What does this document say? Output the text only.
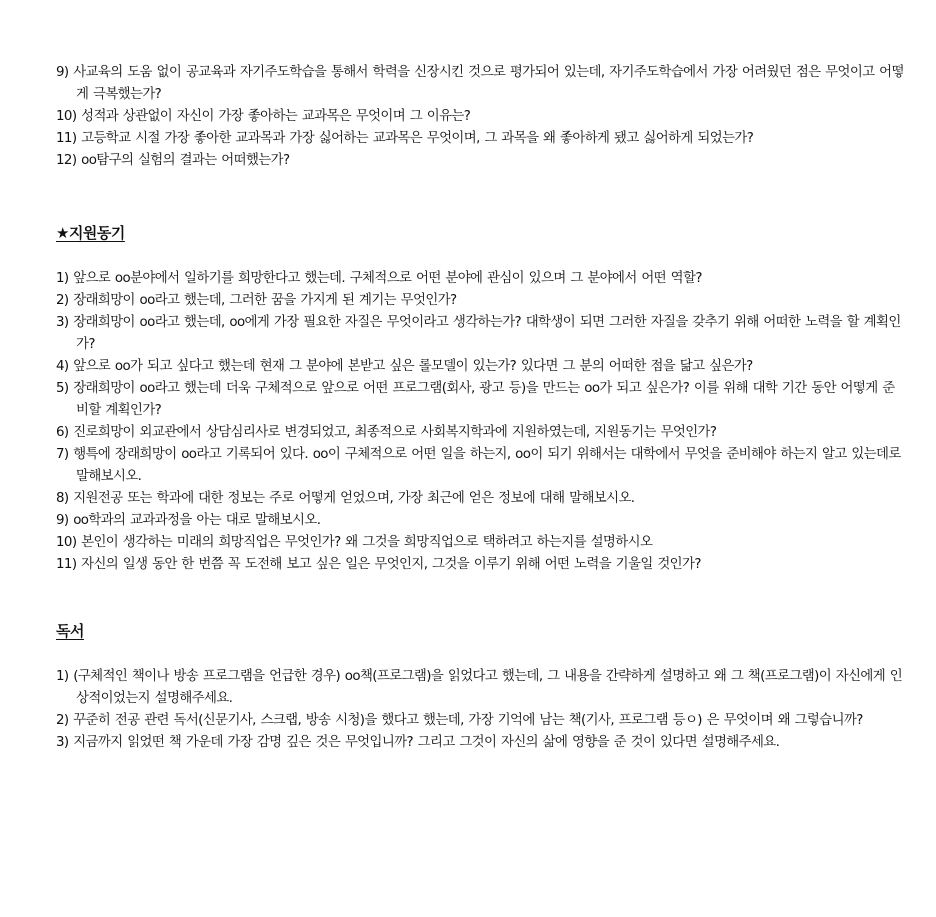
9) 사교육의 도움 없이 공교육과 자기주도학습을 통해서 학력을 신장시킨 것으로 평가되어 있는데, 자기주도학습에서 가장 어려웠던 점은 무엇이고 어떻게 극복했는가?
10) 성적과 상관없이 자신이 가장 좋아하는 교과목은 무엇이며 그 이유는?
11) 고등학교 시절 가장 좋아한 교과목과 가장 싫어하는 교과목은 무엇이며, 그 과목을 왜 좋아하게 됐고 싫어하게 되었는가?
12) oo탐구의 실험의 결과는 어떠했는가?
★지원동기
1) 앞으로 oo분야에서 일하기를 희망한다고 했는데. 구체적으로 어떤 분야에 관심이 있으며 그 분야에서 어떤 역할?
2) 장래희망이 oo라고 했는데, 그러한 꿈을 가지게 된 계기는 무엇인가?
3) 장래희망이 oo라고 했는데, oo에게 가장 필요한 자질은 무엇이라고 생각하는가? 대학생이 되면 그러한 자질을 갖추기 위해 어떠한 노력을 할 계획인가?
4) 앞으로 oo가 되고 싶다고 했는데 현재 그 분야에 본받고 싶은 롤모델이 있는가? 있다면 그 분의 어떠한 점을 닮고 싶은가?
5) 장래희망이 oo라고 했는데 더욱 구체적으로 앞으로 어떤 프로그램(회사, 광고 등)을 만드는 oo가 되고 싶은가? 이를 위해 대학 기간 동안 어떻게 준비할 계획인가?
6) 진로희망이 외교관에서 상담심리사로 변경되었고, 최종적으로 사회복지학과에 지원하였는데, 지원동기는 무엇인가?
7) 행특에 장래희망이 oo라고 기록되어 있다. oo이 구체적으로 어떤 일을 하는지, oo이 되기 위해서는 대학에서 무엇을 준비해야 하는지 알고 있는데로 말해보시오.
8) 지원전공 또는 학과에 대한 정보는 주로 어떻게 얻었으며, 가장 최근에 얻은 정보에 대해 말해보시오.
9) oo학과의 교과과정을 아는 대로 말해보시오.
10) 본인이 생각하는 미래의 희망직업은 무엇인가? 왜 그것을 희망직업으로 택하려고 하는지를 설명하시오
11) 자신의 일생 동안 한 번쯤 꼭 도전해 보고 싶은 일은 무엇인지, 그것을 이루기 위해 어떤 노력을 기울일 것인가?
독서
1) (구체적인 책이나 방송 프로그램을 언급한 경우) oo책(프로그램)을 읽었다고 했는데, 그 내용을 간략하게 설명하고 왜 그 책(프로그램)이 자신에게 인상적이었는지 설명해주세요.
2) 꾸준히 전공 관련 독서(신문기사, 스크랩, 방송 시청)을 했다고 했는데, 가장 기억에 남는 책(기사, 프로그램 등ㅇ) 은 무엇이며 왜 그렇습니까?
3) 지금까지 읽었떤 책 가운데 가장 감명 깊은 것은 무엇입니까? 그리고 그것이 자신의 삶에 영향을 준 것이 있다면 설명해주세요.
